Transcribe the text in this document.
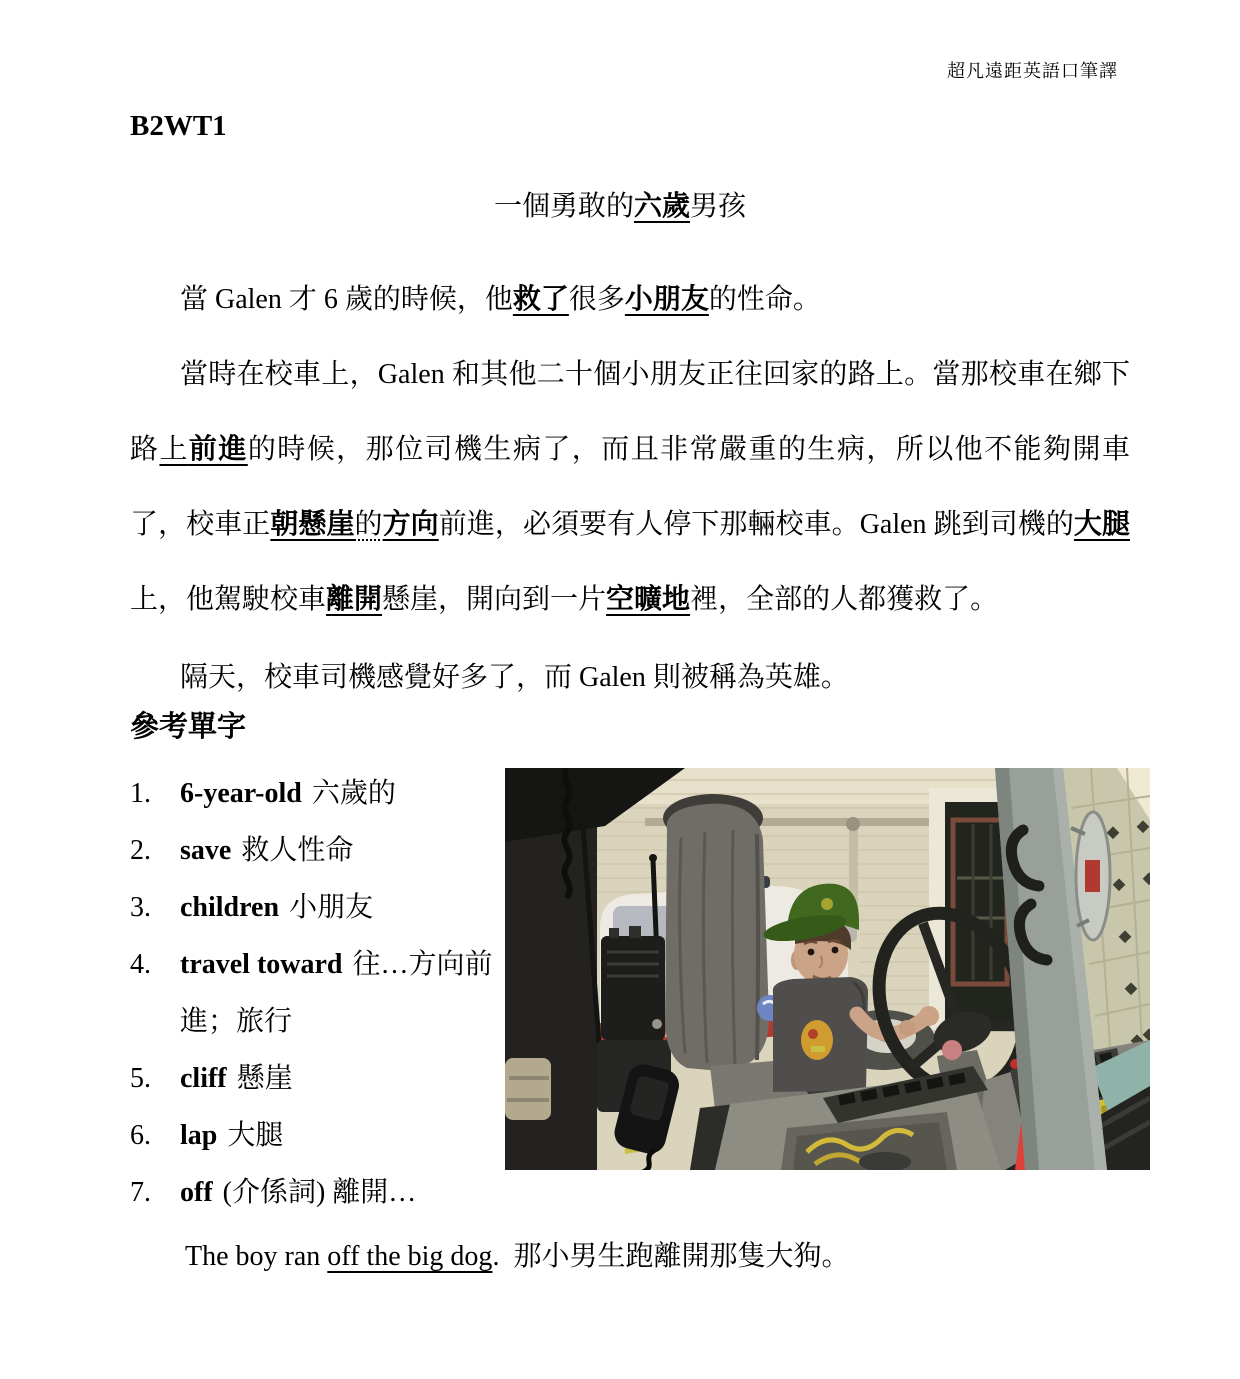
超凡遠距英語口筆譯
B2WT1
一個勇敢的六歲男孩

當 Galen 才 6 歲的時候，他救了很多小朋友的性命。

當時在校車上，Galen 和其他二十個小朋友正往回家的路上。當那校車在鄉下路上前進的時候，那位司機生病了，而且非常嚴重的生病，所以他不能夠開車了，校車正朝懸崖的方向前進，必須要有人停下那輛校車。Galen 跳到司機的大腿上，他駕駛校車離開懸崖，開向到一片空曠地裡，全部的人都獲救了。

隔天，校車司機感覺好多了，而 Galen 則被稱為英雄。

參考單字
1.	6-year-old 六歲的
2.	save 救人性命
3.	children 小朋友
4.	travel toward 往…方向前進；旅行
5.	cliff 懸崖
6.	lap 大腿
7.	off (介係詞) 離開…
The boy ran off the big dog.  那小男生跑離開那隻大狗。
